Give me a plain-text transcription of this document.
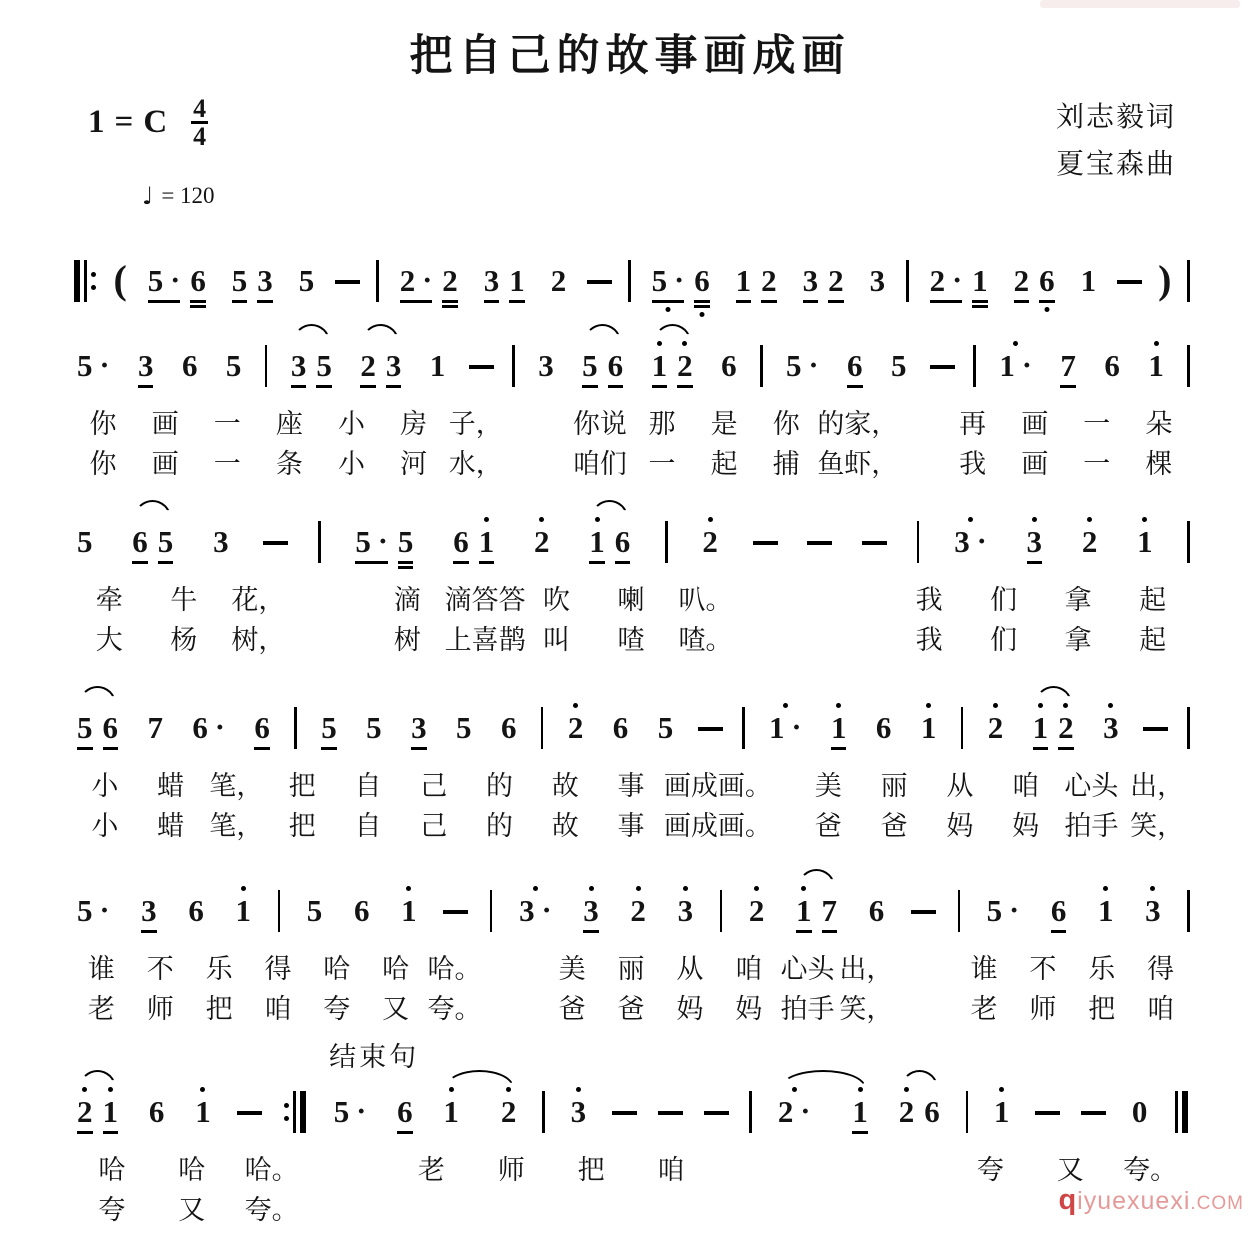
把自己的故事画成画
1 = C $\frac{4}{4}$	刘志毅词
夏宝森曲
♩ = 120
( 5 · 6 5 3 5	2 · 2 3 1 2	5 · 6 1 2 3 2 3 2 · 1 2 6 1 )
5 · 3 6 5 3 5 2 3 1	3 5 6 1 2 6 5 · 6 5	1 · 7 6 1
你	画	一	座	小	房 子，	你说 那	是	你 的家，	再	画	一	朵
你	画	一	条	小	河 水，	咱们 一	起	捕 鱼虾，	我	画	一	棵
5 6 5 3	5 · 5 6 1 2 1 6 2	3 · 3 2 1
牵	牛	花，	滴 滴答答 吹	喇	叭。	我	们	拿	起
大	杨	树，	树 上喜鹊 叫	喳	喳。	我	们	拿	起
5 6 7 6 · 6 5 5 3 5 6 2 6 5	1 · 1 6 1 2 1 2 3
小	蜡 笔， 把	自	己	的	故	事 画成画。	美	丽	从	咱 心头 出，
小	蜡 笔， 把	自	己	的	故	事 画成画。	爸	爸	妈	妈 拍手 笑，
5 · 3 6 1 5 6 1	3 · 3 2 3 2 1 7 6	5 · 6 1 3
谁	不	乐	得	哈	哈 哈。	美	丽	从	咱 心头 出，	谁	不	乐	得
老	师	把	咱	夸	又 夸。	爸	爸	妈	妈 拍手 笑，	老	师	把	咱
结束句
2 1 6 1	5 · 6 1 2 3	2 · 1 2 6 1	0
哈	哈	哈。	老	师	把	咱	夸	又	夸。
夸	又	夸。	qiyuexuexi.COM
